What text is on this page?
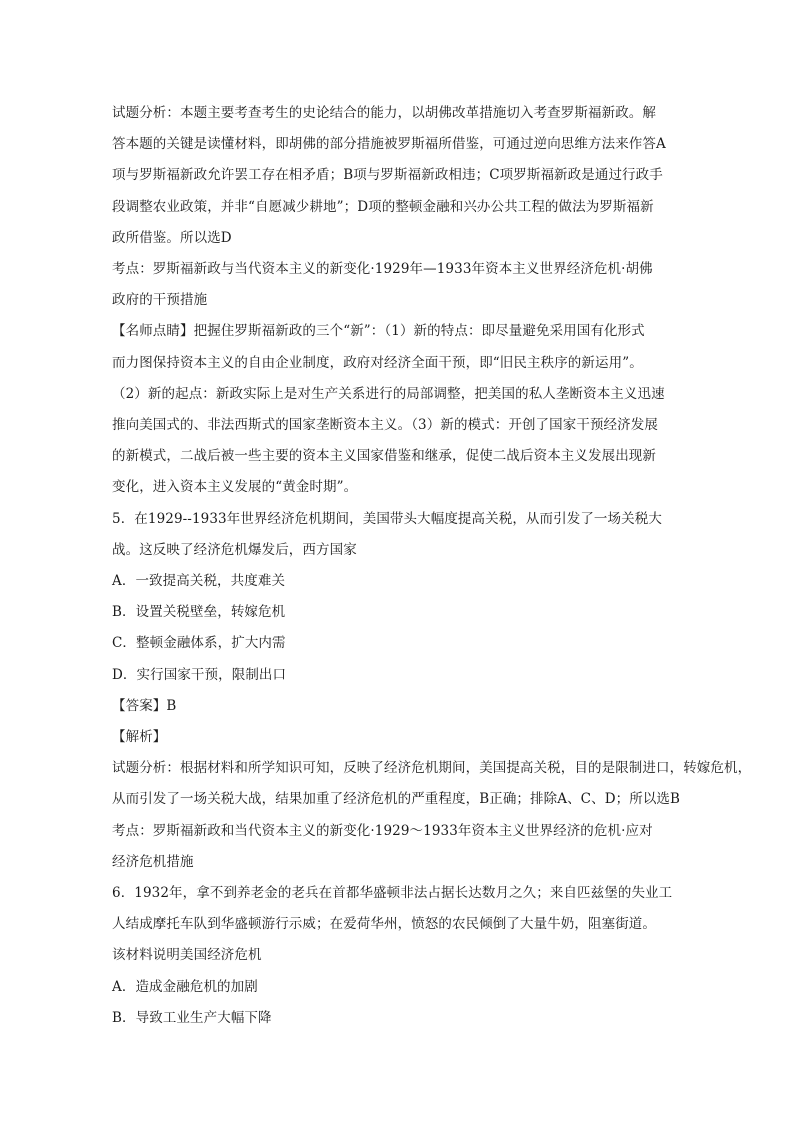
试题分析：本题主要考查考生的史论结合的能力，以胡佛改革措施切入考查罗斯福新政。解
答本题的关键是读懂材料，即胡佛的部分措施被罗斯福所借鉴，可通过逆向思维方法来作答A
项与罗斯福新政允许罢工存在相矛盾；B项与罗斯福新政相违；C项罗斯福新政是通过行政手
段调整农业政策，并非“自愿减少耕地”；D项的整顿金融和兴办公共工程的做法为罗斯福新
政所借鉴。所以选D
考点：罗斯福新政与当代资本主义的新变化·1929年—1933年资本主义世界经济危机·胡佛
政府的干预措施
【名师点睛】把握住罗斯福新政的三个“新”：（1）新的特点：即尽量避免采用国有化形式
而力图保持资本主义的自由企业制度，政府对经济全面干预，即“旧民主秩序的新运用”。
（2）新的起点：新政实际上是对生产关系进行的局部调整，把美国的私人垄断资本主义迅速
推向美国式的、非法西斯式的国家垄断资本主义。（3）新的模式：开创了国家干预经济发展
的新模式，二战后被一些主要的资本主义国家借鉴和继承，促使二战后资本主义发展出现新
变化，进入资本主义发展的“黄金时期”。
5．在1929--1933年世界经济危机期间，美国带头大幅度提高关税，从而引发了一场关税大
战。这反映了经济危机爆发后，西方国家
A．一致提高关税，共度难关
B．设置关税壁垒，转嫁危机
C．整顿金融体系，扩大内需
D．实行国家干预，限制出口
【答案】B
【解析】
试题分析：根据材料和所学知识可知，反映了经济危机期间，美国提高关税，目的是限制进口，转嫁危机，
从而引发了一场关税大战，结果加重了经济危机的严重程度，B正确；排除A、C、D；所以选B
考点：罗斯福新政和当代资本主义的新变化·1929～1933年资本主义世界经济的危机·应对
经济危机措施
6．1932年，拿不到养老金的老兵在首都华盛顿非法占据长达数月之久；来自匹兹堡的失业工
人结成摩托车队到华盛顿游行示威；在爱荷华州，愤怒的农民倾倒了大量牛奶，阻塞街道。
该材料说明美国经济危机
A．造成金融危机的加剧
B．导致工业生产大幅下降
